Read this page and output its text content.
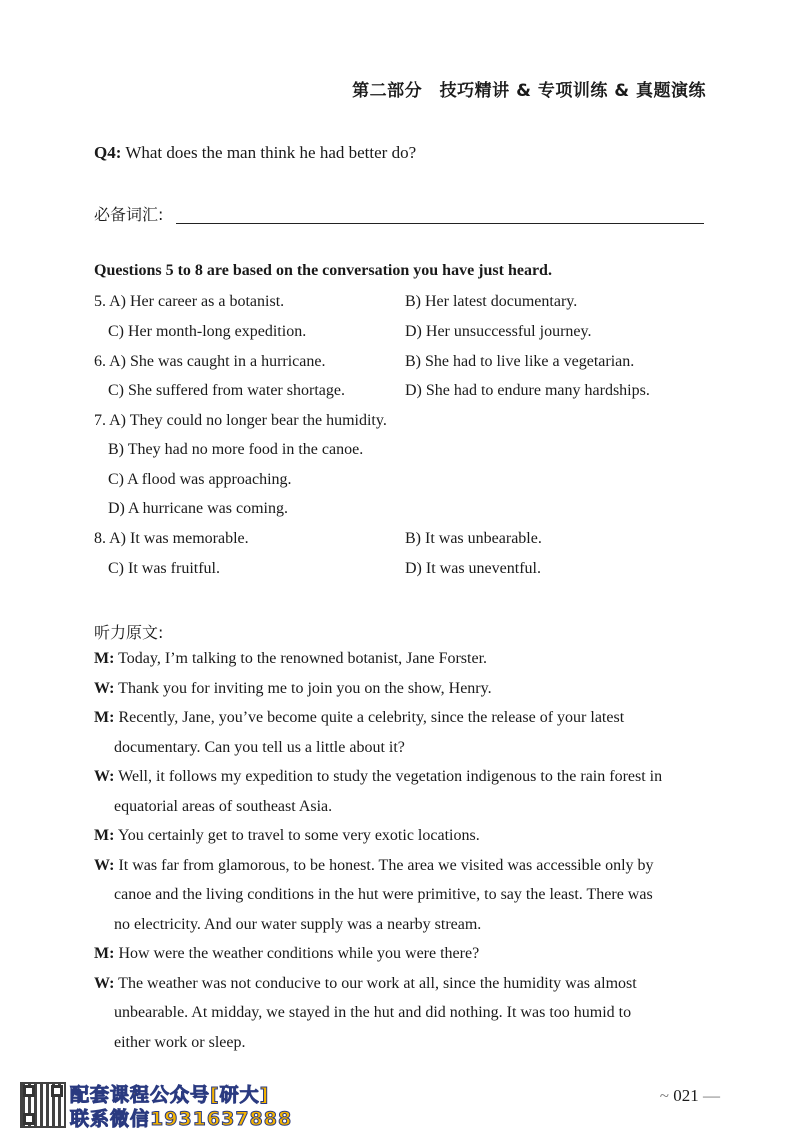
第二部分　技巧精讲 & 专项训练 & 真题演练
Q4: What does the man think he had better do?
必备词汇:
Questions 5 to 8 are based on the conversation you have just heard.
5. A) Her career as a botanist.	B) Her latest documentary.
C) Her month-long expedition.	D) Her unsuccessful journey.
6. A) She was caught in a hurricane.	B) She had to live like a vegetarian.
C) She suffered from water shortage.	D) She had to endure many hardships.
7. A) They could no longer bear the humidity.
B) They had no more food in the canoe.
C) A flood was approaching.
D) A hurricane was coming.
8. A) It was memorable.	B) It was unbearable.
C) It was fruitful.	D) It was uneventful.
听力原文:
M: Today, I’m talking to the renowned botanist, Jane Forster.
W: Thank you for inviting me to join you on the show, Henry.
M: Recently, Jane, you’ve become quite a celebrity, since the release of your latest
documentary. Can you tell us a little about it?
W: Well, it follows my expedition to study the vegetation indigenous to the rain forest in
equatorial areas of southeast Asia.
M: You certainly get to travel to some very exotic locations.
W: It was far from glamorous, to be honest. The area we visited was accessible only by
canoe and the living conditions in the hut were primitive, to say the least. There was
no electricity. And our water supply was a nearby stream.
M: How were the weather conditions while you were there?
W: The weather was not conducive to our work at all, since the humidity was almost
unbearable. At midday, we stayed in the hut and did nothing. It was too humid to
either work or sleep.
配套课程公众号[研大]
联系微信1931637888
~ 021 —
